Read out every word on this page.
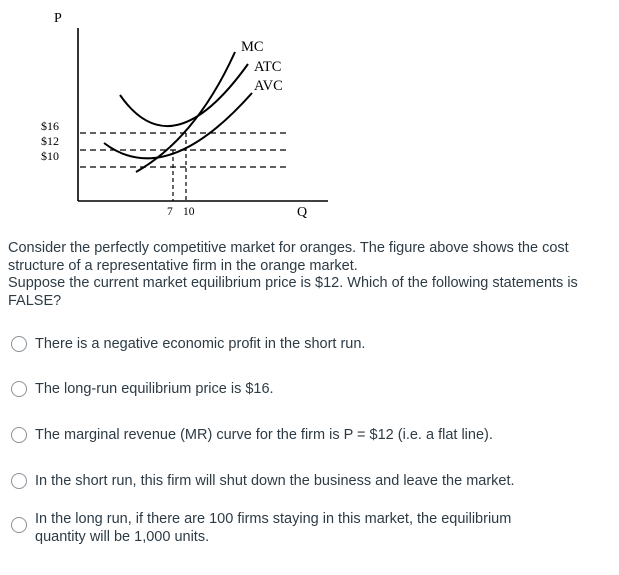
P
Q
$16
$12
$10
7 10
MC
ATC
AVC

Consider the perfectly competitive market for oranges. The figure above shows the cost structure of a representative firm in the orange market.

Suppose the current market equilibrium price is $12. Which of the following statements is FALSE?

There is a negative economic profit in the short run.
The long-run equilibrium price is $16.
The marginal revenue (MR) curve for the firm is P = $12 (i.e. a flat line).
In the short run, this firm will shut down the business and leave the market.
In the long run, if there are 100 firms staying in this market, the equilibrium quantity will be 1,000 units.
